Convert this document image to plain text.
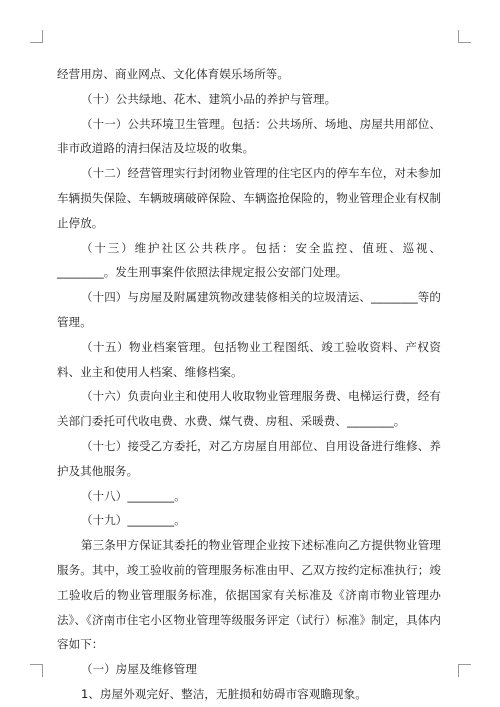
经营用房、商业网点、文化体育娱乐场所等。

（十）公共绿地、花木、建筑小品的养护与管理。

（十一）公共环境卫生管理。包括：公共场所、场地、房屋共用部位、非市政道路的清扫保洁及垃圾的收集。

（十二）经营管理实行封闭物业管理的住宅区内的停车车位，对未参加车辆损失保险、车辆玻璃破碎保险、车辆盗抢保险的，物业管理企业有权制止停放。

（十三）维护社区公共秩序。包括：安全监控、值班、巡视、________。发生刑事案件依照法律规定报公安部门处理。

（十四）与房屋及附属建筑物改建装修相关的垃圾清运、________等的管理。

（十五）物业档案管理。包括物业工程图纸、竣工验收资料、产权资料、业主和使用人档案、维修档案。

（十六）负责向业主和使用人收取物业管理服务费、电梯运行费，经有关部门委托可代收电费、水费、煤气费、房租、采暖费、________。

（十七）接受乙方委托，对乙方房屋自用部位、自用设备进行维修、养护及其他服务。

（十八）________。

（十九）________。

第三条甲方保证其委托的物业管理企业按下述标准向乙方提供物业管理服务。其中，竣工验收前的管理服务标准由甲、乙双方按约定标准执行；竣工验收后的物业管理服务标准，依据国家有关标准及《济南市物业管理办法》、《济南市住宅小区物业管理等级服务评定（试行）标准》制定，具体内容如下：

（一）房屋及维修管理

1、房屋外观完好、整洁，无脏损和妨碍市容观瞻现象。
